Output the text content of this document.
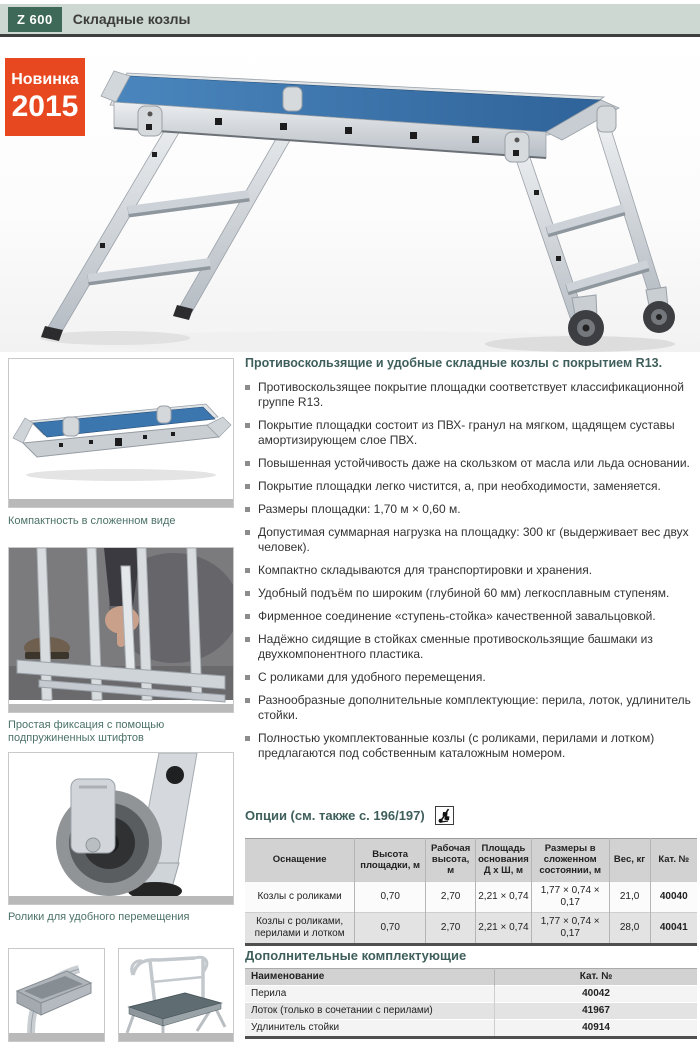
Z 600	Складные козлы
Новинка
2015
Компактность в сложенном виде
Простая фиксация с помощью подпружиненных штифтов
Ролики для удобного перемещения
Противоскользящие и удобные складные козлы с покрытием R13.
Противоскользящее покрытие площадки соответствует классификационной группе R13.
Покрытие площадки состоит из ПВХ- гранул на мягком, щадящем суставы амортизирующем слое ПВХ.
Повышенная устойчивость даже на скользком от масла или льда основании.
Покрытие площадки легко чистится, а, при необходимости, заменяется.
Размеры площадки: 1,70 м × 0,60 м.
Допустимая суммарная нагрузка на площадку: 300 кг (выдерживает вес двух человек).
Компактно складываются для транспортировки и хранения.
Удобный подъём по широким (глубиной 60 мм) легкосплавным ступеням.
Фирменное соединение «ступень-стойка» качественной завальцовкой.
Надёжно сидящие в стойках сменные противоскользящие башмаки из двухкомпонентного пластика.
С роликами для удобного перемещения.
Разнообразные дополнительные комплектующие: перила, лоток, удлинитель стойки.
Полностью укомплектованные козлы (с роликами, перилами и лотком) предлагаются под собственным каталожным номером.
Опции (см. также с. 196/197)
Оснащение	Высота площадки, м	Рабочая высота, м	Площадь основания Д х Ш, м	Размеры в сложенном состоянии, м	Вес, кг	Кат. №
Козлы с роликами	0,70	2,70	2,21 × 0,74	1,77 × 0,74 × 0,17	21,0	40040
Козлы с роликами, перилами и лотком	0,70	2,70	2,21 × 0,74	1,77 × 0,74 × 0,17	28,0	40041
Дополнительные комплектующие
Наименование	Кат. №
Перила	40042
Лоток (только в сочетании с перилами)	41967
Удлинитель стойки	40914
